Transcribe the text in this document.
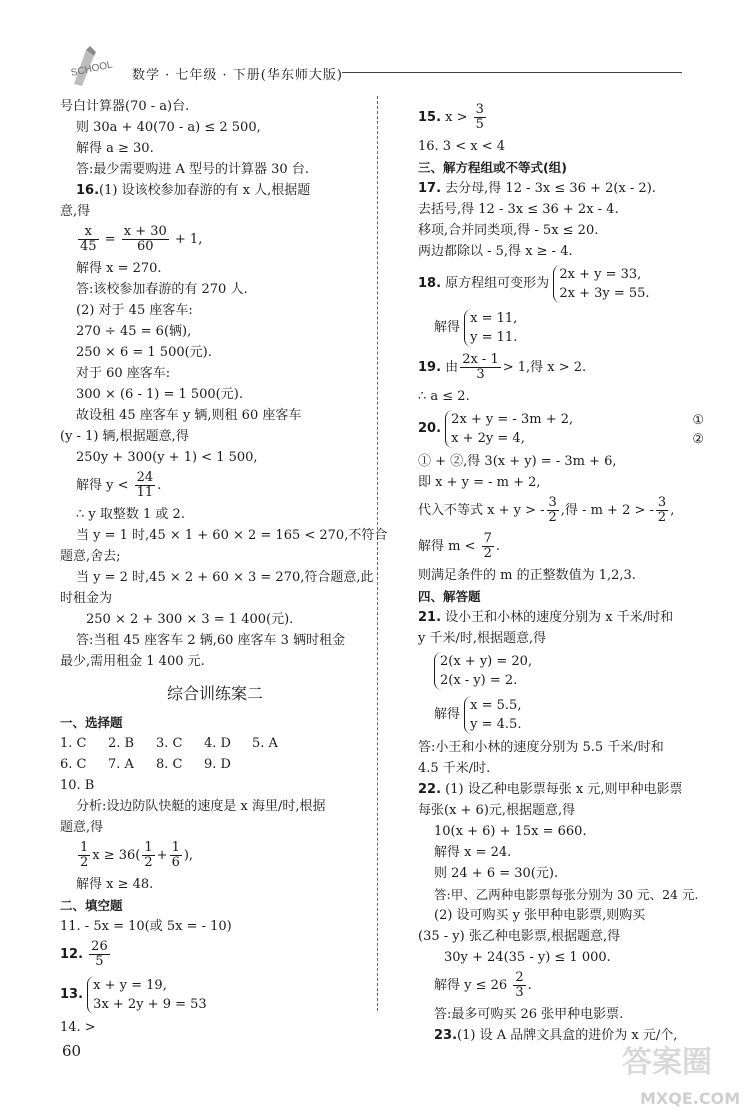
SCHOOL 数学 · 七年级 · 下册(华东师大版)
号白计算器(70 - a)台.
则 30a + 40(70 - a) ≤ 2 500,
解得 a ≥ 30.
答:最少需要购进 A 型号的计算器 30 台.
16.(1) 设该校参加春游的有 x 人,根据题
意,得
$\frac{x}{45} = \frac{x + 30}{60} + 1$,
解得 x = 270.
答:该校参加春游的有 270 人.
(2) 对于 45 座客车:
270 ÷ 45 = 6(辆),
250 × 6 = 1 500(元).
对于 60 座客车:
300 × (6 - 1) = 1 500(元).
故设租 45 座客车 y 辆,则租 60 座客车
(y - 1) 辆,根据题意,得
250y + 300(y + 1) < 1 500,
解得 $y < \frac{24}{11}$ .
∴ y 取整数 1 或 2.
当 y = 1 时,45 × 1 + 60 × 2 = 165 < 270,不符合
题意,舍去;
当 y = 2 时,45 × 2 + 60 × 3 = 270,符合题意,此
时租金为
250 × 2 + 300 × 3 = 1 400(元).
答:当租 45 座客车 2 辆,60 座客车 3 辆时租金
最少,需用租金 1 400 元.
综合训练案二
一、选择题
1. C	2. B	3. C	4. D	5. A
6. C	7. A	8. C	9. D
10. B
分析:设边防队快艇的速度是 x 海里/时,根据
题意,得
$\frac{1}{2}$ $x \ge 36( \frac{1}{2} + \frac{1}{6}$ ),
解得 x ≥ 48.
二、填空题
11. - 5x = 10(或 5x = - 10)
12. $\frac{26}{5}$
13.
x + y = 19,
3x + 2y + 9 = 53
14. >
15. $x > \frac{3}{5}$
16. 3 < x < 4
三、解方程组或不等式(组)
17. 去分母,得 12 - 3x ≤ 36 + 2(x - 2).
去括号,得 12 - 3x ≤ 36 + 2x - 4.
移项,合并同类项,得 - 5x ≤ 20.
两边都除以 - 5,得 x ≥ - 4.
18. 原方程组可变形为
2x + y = 33,
2x + 3y = 55.
解得
x = 11,
y = 11.
19. 由 $\frac{2x - 1}{3} > 1$,得 x > 2.
∴ a ≤ 2.
20.
2x + y = - 3m + 2,
x + 2y = 4,
①
②
① + ②,得 3(x + y) = - 3m + 6,
即 x + y = - m + 2,
代入不等式 x + y > - $\frac{3}{2}$ ,得 - m + 2 > - $\frac{3}{2}$ ,
解得 $m < \frac{7}{2}$ .
则满足条件的 m 的正整数值为 1,2,3.
四、解答题
21. 设小王和小林的速度分别为 x 千米/时和
y 千米/时,根据题意,得
2(x + y) = 20,
2(x - y) = 2.
解得
x = 5.5,
y = 4.5.
答:小王和小林的速度分别为 5.5 千米/时和
4.5 千米/时.
22. (1) 设乙种电影票每张 x 元,则甲种电影票
每张(x + 6)元,根据题意,得
10(x + 6) + 15x = 660.
解得 x = 24.
则 24 + 6 = 30(元).
答:甲、乙两种电影票每张分别为 30 元、24 元.
(2) 设可购买 y 张甲种电影票,则购买
(35 - y) 张乙种电影票,根据题意,得
30y + 24(35 - y) ≤ 1 000.
解得 $y \le 26 \frac{2}{3}$ .
答:最多可购买 26 张甲种电影票.
23.(1) 设 A 品牌文具盒的进价为 x 元/个,
60	答案圈
MXQE.COM
